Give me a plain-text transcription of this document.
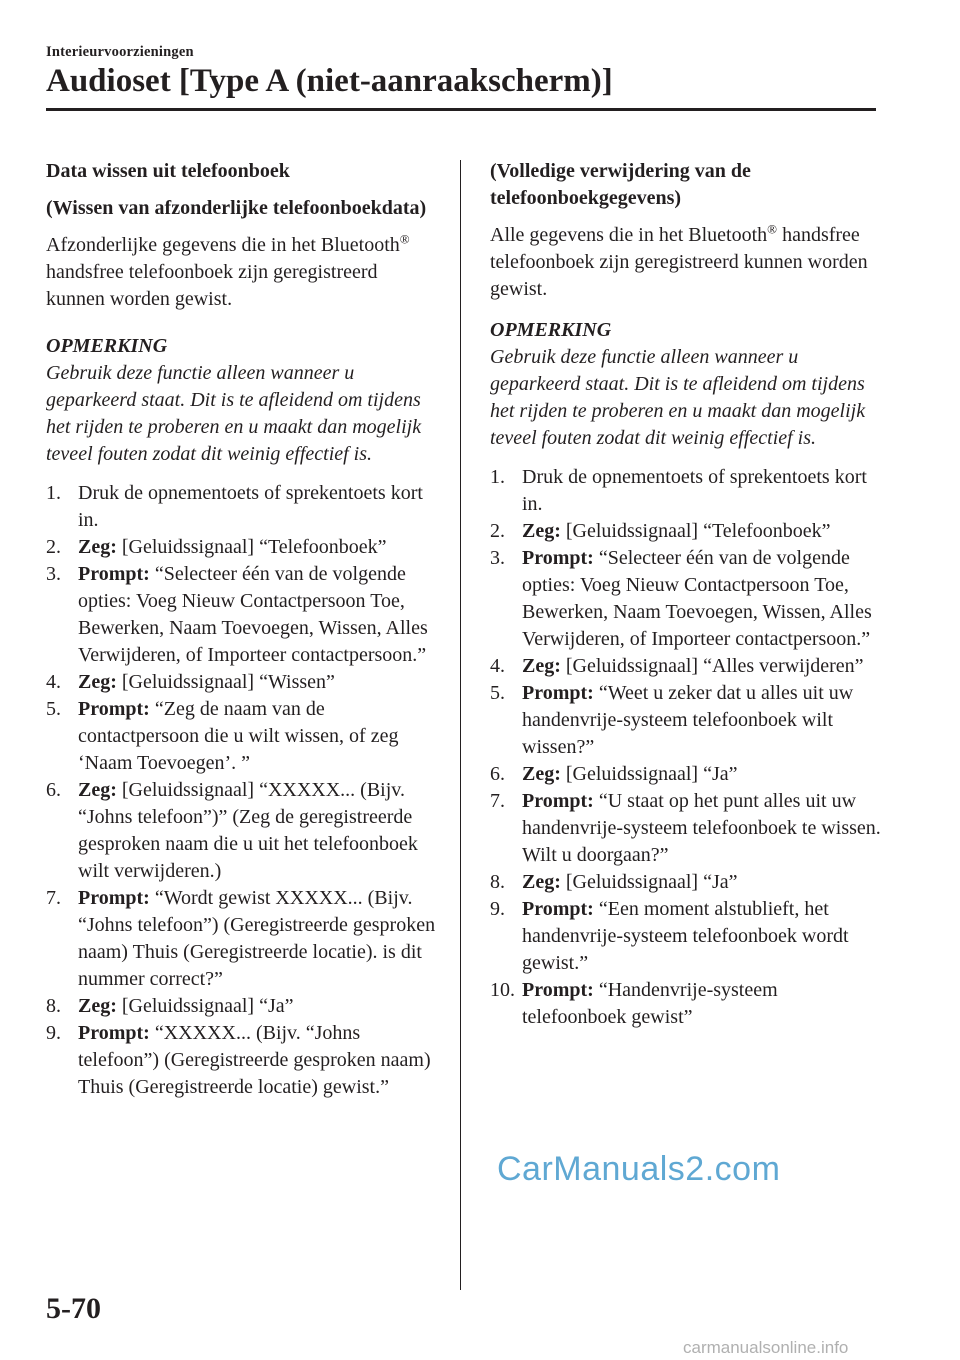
Interieurvoorzieningen
Audioset [Type A (niet-aanraakscherm)]

Data wissen uit telefoonboek

(Wissen van afzonderlijke telefoonboekdata)

Afzonderlijke gegevens die in het Bluetooth® handsfree telefoonboek zijn geregistreerd kunnen worden gewist.

OPMERKING

Gebruik deze functie alleen wanneer u geparkeerd staat. Dit is te afleidend om tijdens het rijden te proberen en u maakt dan mogelijk teveel fouten zodat dit weinig effectief is.

1. Druk de opnementoets of sprekentoets kort in.
2. Zeg: [Geluidssignaal] “Telefoonboek”
3. Prompt: “Selecteer één van de volgende opties: Voeg Nieuw Contactpersoon Toe, Bewerken, Naam Toevoegen, Wissen, Alles Verwijderen, of Importeer contactpersoon.”
4. Zeg: [Geluidssignaal] “Wissen”
5. Prompt: “Zeg de naam van de contactpersoon die u wilt wissen, of zeg ‘Naam Toevoegen’. ”
6. Zeg: [Geluidssignaal] “XXXXX... (Bijv. “Johns telefoon”)” (Zeg de geregistreerde gesproken naam die u uit het telefoonboek wilt verwijderen.)
7. Prompt: “Wordt gewist XXXXX... (Bijv. “Johns telefoon”) (Geregistreerde gesproken naam) Thuis (Geregistreerde locatie). is dit nummer correct?”
8. Zeg: [Geluidssignaal] “Ja”
9. Prompt: “XXXXX... (Bijv. “Johns telefoon”) (Geregistreerde gesproken naam) Thuis (Geregistreerde locatie) gewist.”

(Volledige verwijdering van de telefoonboekgegevens)

Alle gegevens die in het Bluetooth® handsfree telefoonboek zijn geregistreerd kunnen worden gewist.

OPMERKING

Gebruik deze functie alleen wanneer u geparkeerd staat. Dit is te afleidend om tijdens het rijden te proberen en u maakt dan mogelijk teveel fouten zodat dit weinig effectief is.

1. Druk de opnementoets of sprekentoets kort in.
2. Zeg: [Geluidssignaal] “Telefoonboek”
3. Prompt: “Selecteer één van de volgende opties: Voeg Nieuw Contactpersoon Toe, Bewerken, Naam Toevoegen, Wissen, Alles Verwijderen, of Importeer contactpersoon.”
4. Zeg: [Geluidssignaal] “Alles verwijderen”
5. Prompt: “Weet u zeker dat u alles uit uw handenvrije-systeem telefoonboek wilt wissen?”
6. Zeg: [Geluidssignaal] “Ja”
7. Prompt: “U staat op het punt alles uit uw handenvrije-systeem telefoonboek te wissen. Wilt u doorgaan?”
8. Zeg: [Geluidssignaal] “Ja”
9. Prompt: “Een moment alstublieft, het handenvrije-systeem telefoonboek wordt gewist.”
10. Prompt: “Handenvrije-systeem telefoonboek gewist”
CarManuals2.com
5-70
carmanualsonline.info
